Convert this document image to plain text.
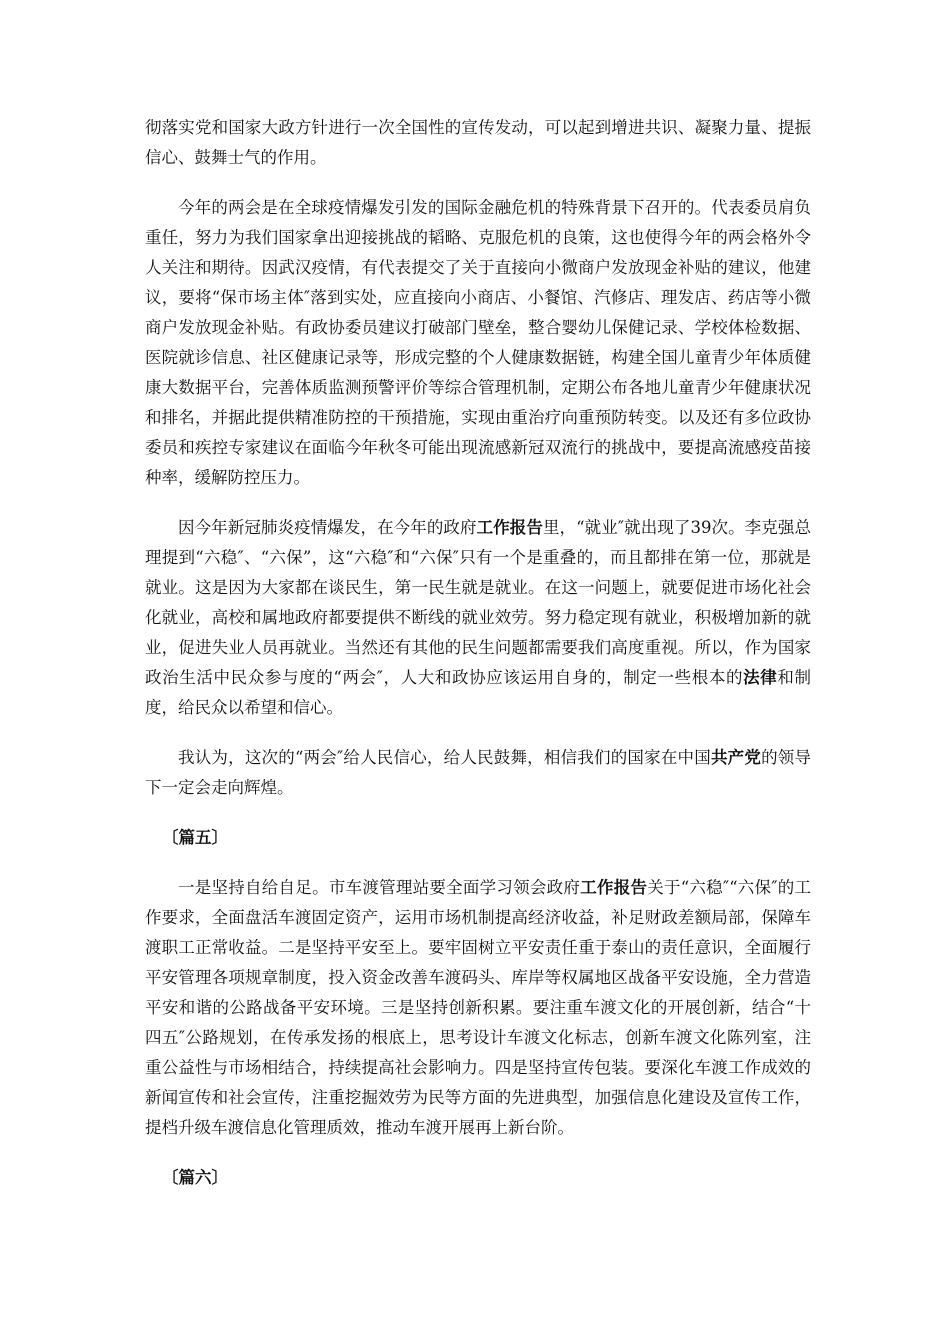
彻落实党和国家大政方针进行一次全国性的宣传发动，可以起到增进共识、凝聚力量、提振信心、鼓舞士气的作用。

今年的两会是在全球疫情爆发引发的国际金融危机的特殊背景下召开的。代表委员肩负重任，努力为我们国家拿出迎接挑战的韬略、克服危机的良策，这也使得今年的两会格外令人关注和期待。因武汉疫情，有代表提交了关于直接向小微商户发放现金补贴的建议，他建议，要将“保市场主体″落到实处，应直接向小商店、小餐馆、汽修店、理发店、药店等小微商户发放现金补贴。有政协委员建议打破部门壁垒，整合婴幼儿保健记录、学校体检数据、医院就诊信息、社区健康记录等，形成完整的个人健康数据链，构建全国儿童青少年体质健康大数据平台，完善体质监测预警评价等综合管理机制，定期公布各地儿童青少年健康状况和排名，并据此提供精准防控的干预措施，实现由重治疗向重预防转变。以及还有多位政协委员和疾控专家建议在面临今年秋冬可能出现流感新冠双流行的挑战中，要提高流感疫苗接种率，缓解防控压力。

因今年新冠肺炎疫情爆发，在今年的政府工作报告里，“就业″就出现了39次。李克强总理提到“六稳″、“六保”，这“六稳″和“六保″只有一个是重叠的，而且都排在第一位，那就是就业。这是因为大家都在谈民生，第一民生就是就业。在这一问题上，就要促进市场化社会化就业，高校和属地政府都要提供不断线的就业效劳。努力稳定现有就业，积极增加新的就业，促进失业人员再就业。当然还有其他的民生问题都需要我们高度重视。所以，作为国家政治生活中民众参与度的“两会″，人大和政协应该运用自身的，制定一些根本的法律和制度，给民众以希望和信心。

我认为，这次的“两会″给人民信心，给人民鼓舞，相信我们的国家在中国共产党的领导下一定会走向辉煌。

〔篇五〕

一是坚持自给自足。市车渡管理站要全面学习领会政府工作报告关于“六稳″“六保″的工作要求，全面盘活车渡固定资产，运用市场机制提高经济收益，补足财政差额局部，保障车渡职工正常收益。二是坚持平安至上。要牢固树立平安责任重于泰山的责任意识，全面履行平安管理各项规章制度，投入资金改善车渡码头、库岸等权属地区战备平安设施，全力营造平安和谐的公路战备平安环境。三是坚持创新积累。要注重车渡文化的开展创新，结合“十四五″公路规划，在传承发扬的根底上，思考设计车渡文化标志，创新车渡文化陈列室，注重公益性与市场相结合，持续提高社会影响力。四是坚持宣传包装。要深化车渡工作成效的新闻宣传和社会宣传，注重挖掘效劳为民等方面的先进典型，加强信息化建设及宣传工作，提档升级车渡信息化管理质效，推动车渡开展再上新台阶。

〔篇六〕
